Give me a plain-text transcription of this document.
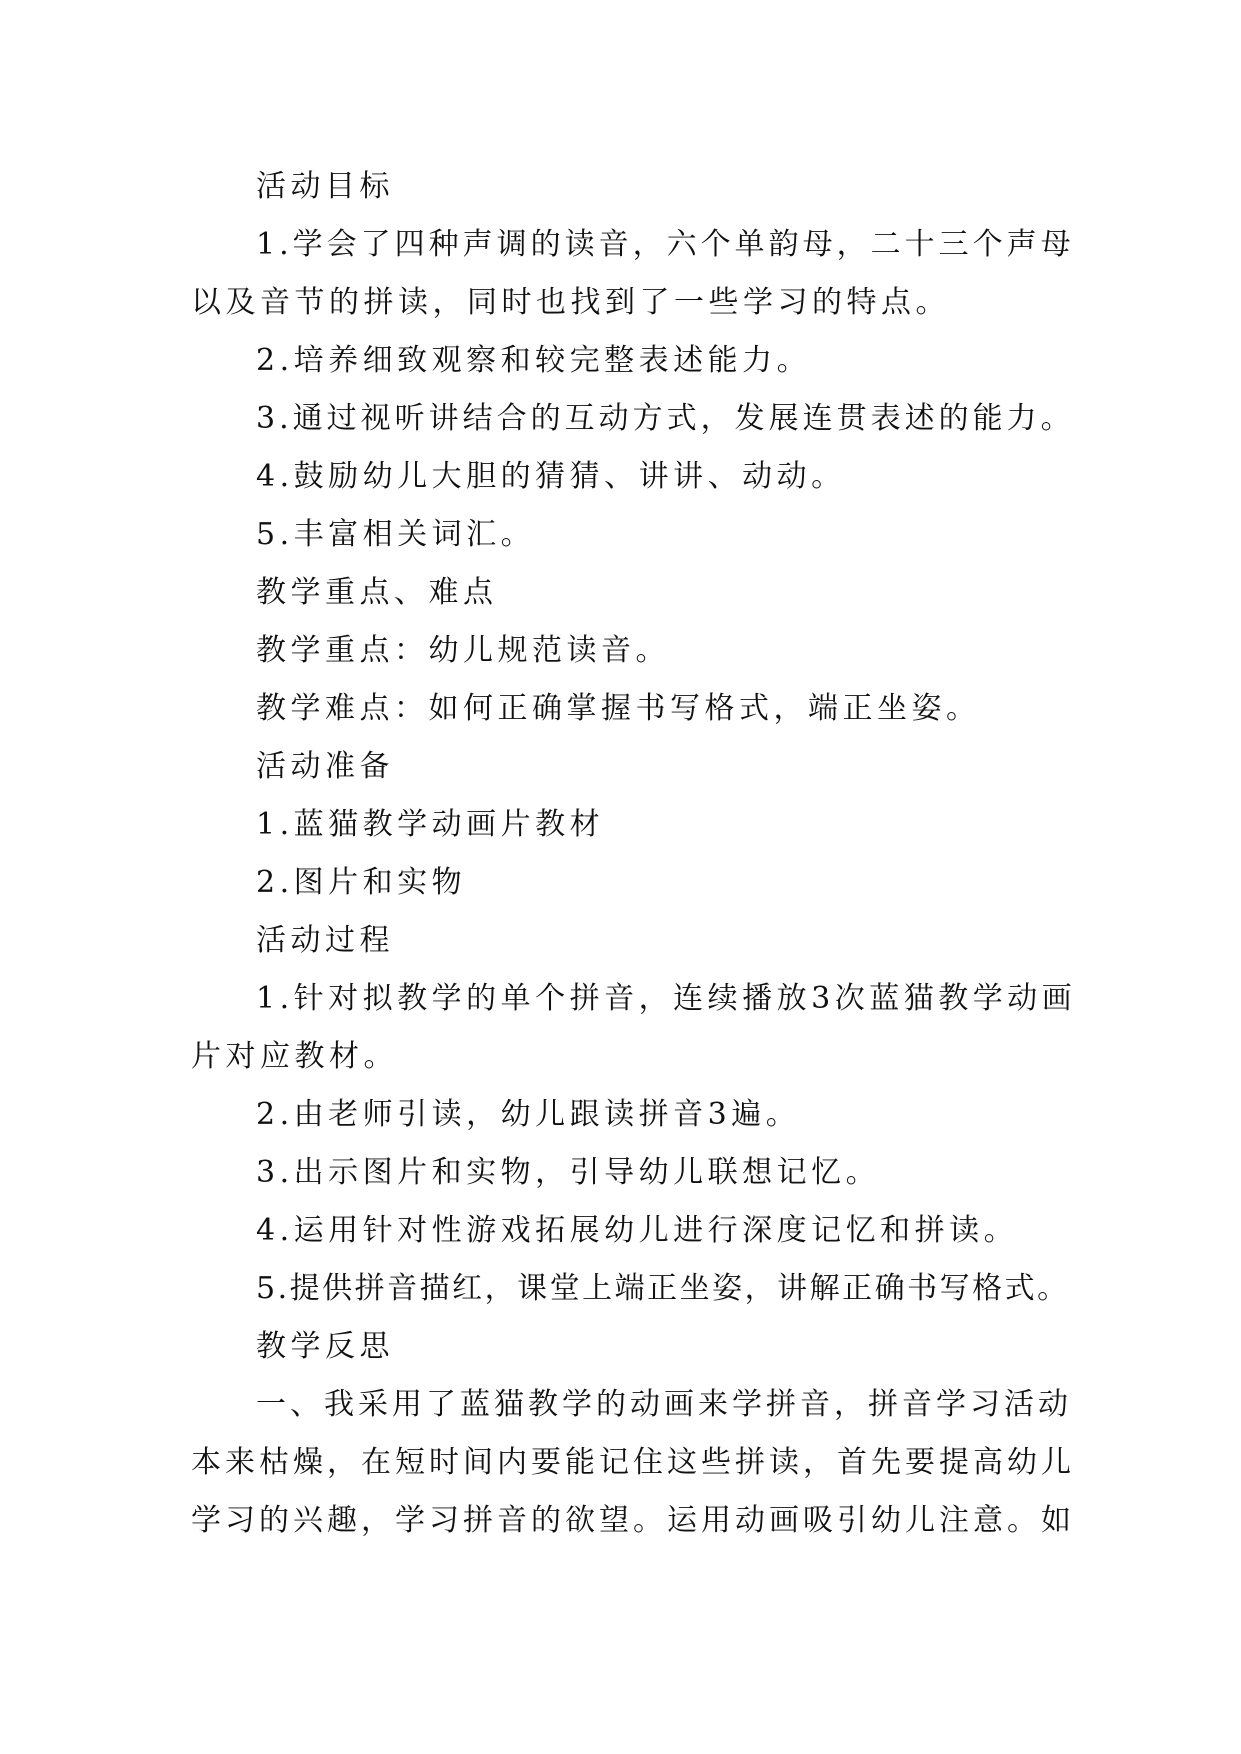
活动目标
1.学会了四种声调的读音，六个单韵母，二十三个声母
以及音节的拼读，同时也找到了一些学习的特点。
2.培养细致观察和较完整表述能力。
3.通过视听讲结合的互动方式，发展连贯表述的能力。
4.鼓励幼儿大胆的猜猜、讲讲、动动。
5.丰富相关词汇。
教学重点、难点
教学重点：幼儿规范读音。
教学难点：如何正确掌握书写格式，端正坐姿。
活动准备
1.蓝猫教学动画片教材
2.图片和实物
活动过程
1.针对拟教学的单个拼音，连续播放3次蓝猫教学动画
片对应教材。
2.由老师引读，幼儿跟读拼音3遍。
3.出示图片和实物，引导幼儿联想记忆。
4.运用针对性游戏拓展幼儿进行深度记忆和拼读。
5.提供拼音描红，课堂上端正坐姿，讲解正确书写格式。
教学反思
一、我采用了蓝猫教学的动画来学拼音，拼音学习活动
本来枯燥，在短时间内要能记住这些拼读，首先要提高幼儿
学习的兴趣，学习拼音的欲望。运用动画吸引幼儿注意。如
